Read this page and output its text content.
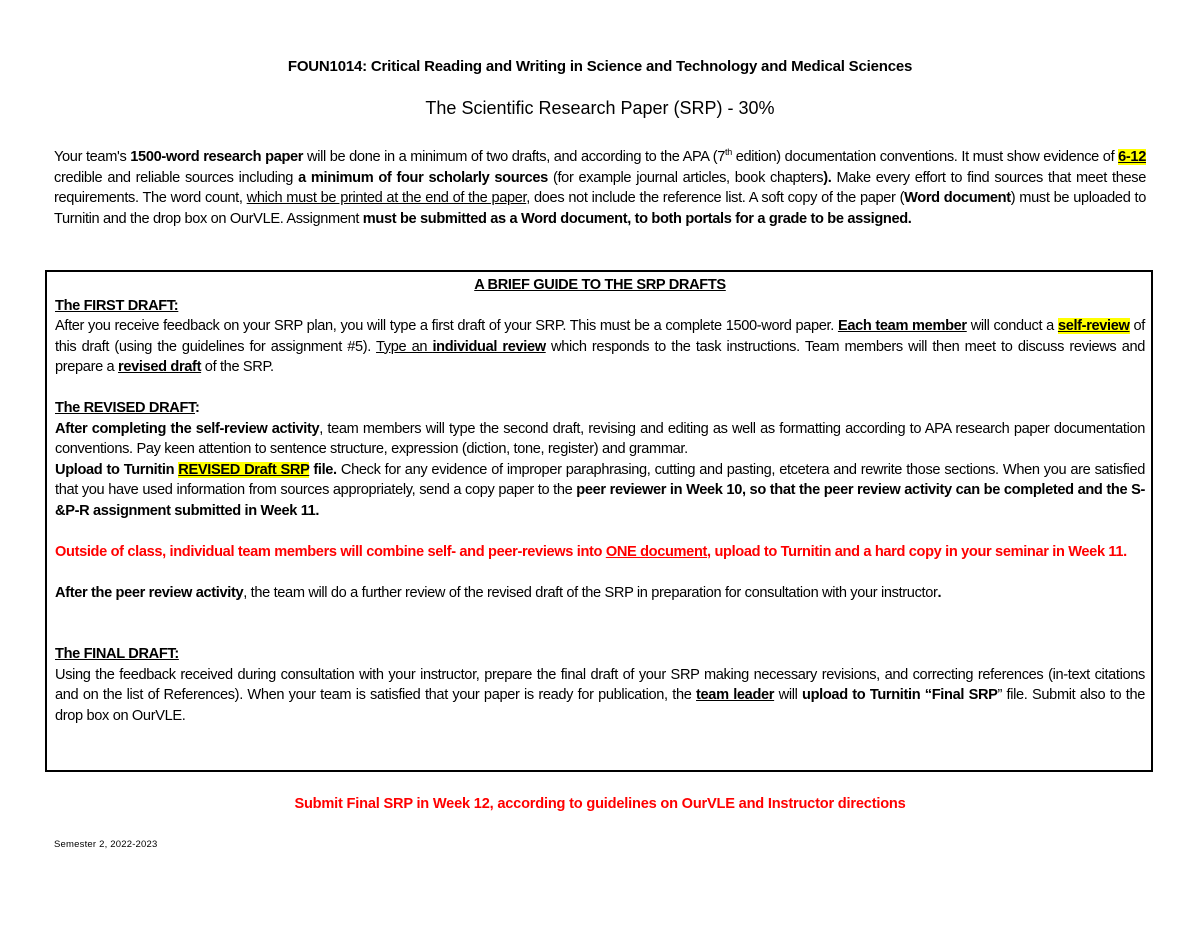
FOUN1014: Critical Reading and Writing in Science and Technology and Medical Sciences
The Scientific Research Paper (SRP) - 30%

Your team's 1500-word research paper will be done in a minimum of two drafts, and according to the APA (7th edition) documentation conventions. It must show evidence of 6-12 credible and reliable sources including a minimum of four scholarly sources (for example journal articles, book chapters). Make every effort to find sources that meet these requirements. The word count, which must be printed at the end of the paper, does not include the reference list. A soft copy of the paper (Word document) must be uploaded to Turnitin and the drop box on OurVLE. Assignment must be submitted as a Word document, to both portals for a grade to be assigned.

A BRIEF GUIDE TO THE SRP DRAFTS
The FIRST DRAFT:

After you receive feedback on your SRP plan, you will type a first draft of your SRP. This must be a complete 1500-word paper. Each team member will conduct a self-review of this draft (using the guidelines for assignment #5). Type an individual review which responds to the task instructions. Team members will then meet to discuss reviews and prepare a revised draft of the SRP.

The REVISED DRAFT:

After completing the self-review activity, team members will type the second draft, revising and editing as well as formatting according to APA research paper documentation conventions. Pay keen attention to sentence structure, expression (diction, tone, register) and grammar.

Upload to Turnitin REVISED Draft SRP file. Check for any evidence of improper paraphrasing, cutting and pasting, etcetera and rewrite those sections. When you are satisfied that you have used information from sources appropriately, send a copy paper to the peer reviewer in Week 10, so that the peer review activity can be completed and the S-&P-R assignment submitted in Week 11.

Outside of class, individual team members will combine self- and peer-reviews into ONE document, upload to Turnitin and a hard copy in your seminar in Week 11.

After the peer review activity, the team will do a further review of the revised draft of the SRP in preparation for consultation with your instructor.

The FINAL DRAFT:

Using the feedback received during consultation with your instructor, prepare the final draft of your SRP making necessary revisions, and correcting references (in-text citations and on the list of References). When your team is satisfied that your paper is ready for publication, the team leader will upload to Turnitin “Final SRP” file. Submit also to the drop box on OurVLE.

Submit Final SRP in Week 12, according to guidelines on OurVLE and Instructor directions
Semester 2, 2022-2023
